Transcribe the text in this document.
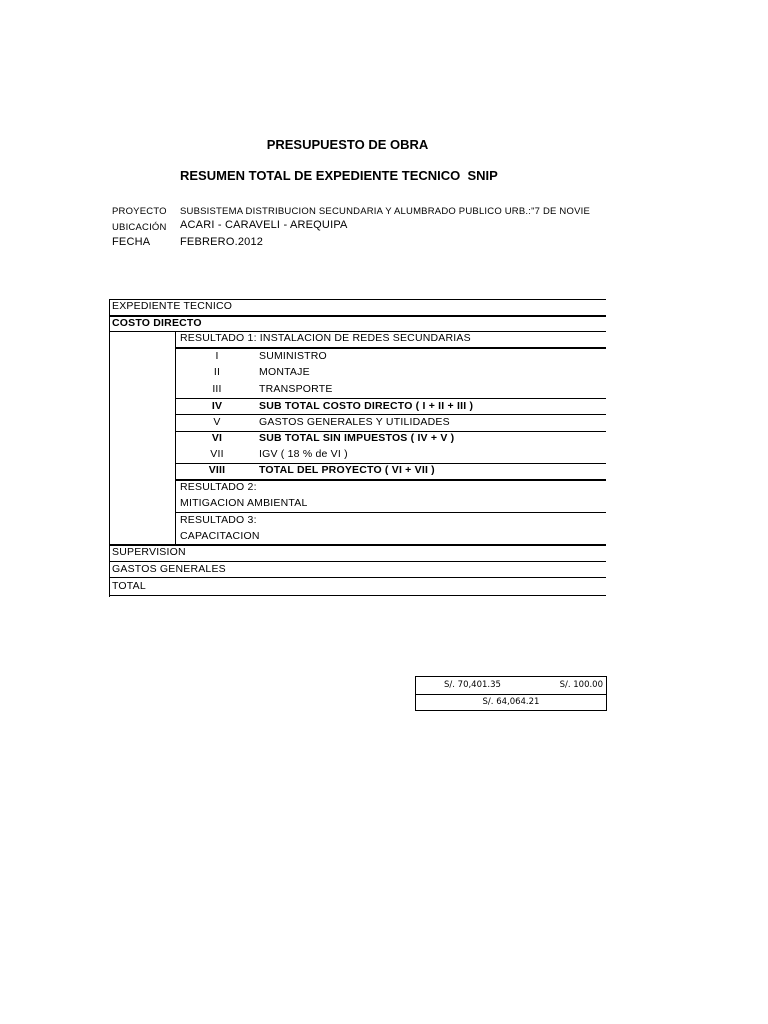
PRESUPUESTO DE OBRA
RESUMEN TOTAL DE EXPEDIENTE TECNICO  SNIP
PROYECTO SUBSISTEMA DISTRIBUCION SECUNDARIA Y ALUMBRADO PUBLICO URB.:"7 DE NOVIE
UBICACIÓN ACARI - CARAVELI - AREQUIPA
FECHA	FEBRERO.2012
EXPEDIENTE TECNICO
COSTO DIRECTO
RESULTADO 1: INSTALACION DE REDES SECUNDARIAS
I	SUMINISTRO
II	MONTAJE
III	TRANSPORTE
IV	SUB TOTAL COSTO DIRECTO ( I + II + III )
V	GASTOS GENERALES Y UTILIDADES
VI	SUB TOTAL SIN IMPUESTOS ( IV + V )
VII	IGV ( 18 % de VI )
VIII	TOTAL DEL PROYECTO ( VI + VII )
RESULTADO 2:
MITIGACION AMBIENTAL
RESULTADO 3:
CAPACITACION
SUPERVISION
GASTOS GENERALES
TOTAL
S/. 70,401.35	S/. 100.00
S/. 64,064.21
